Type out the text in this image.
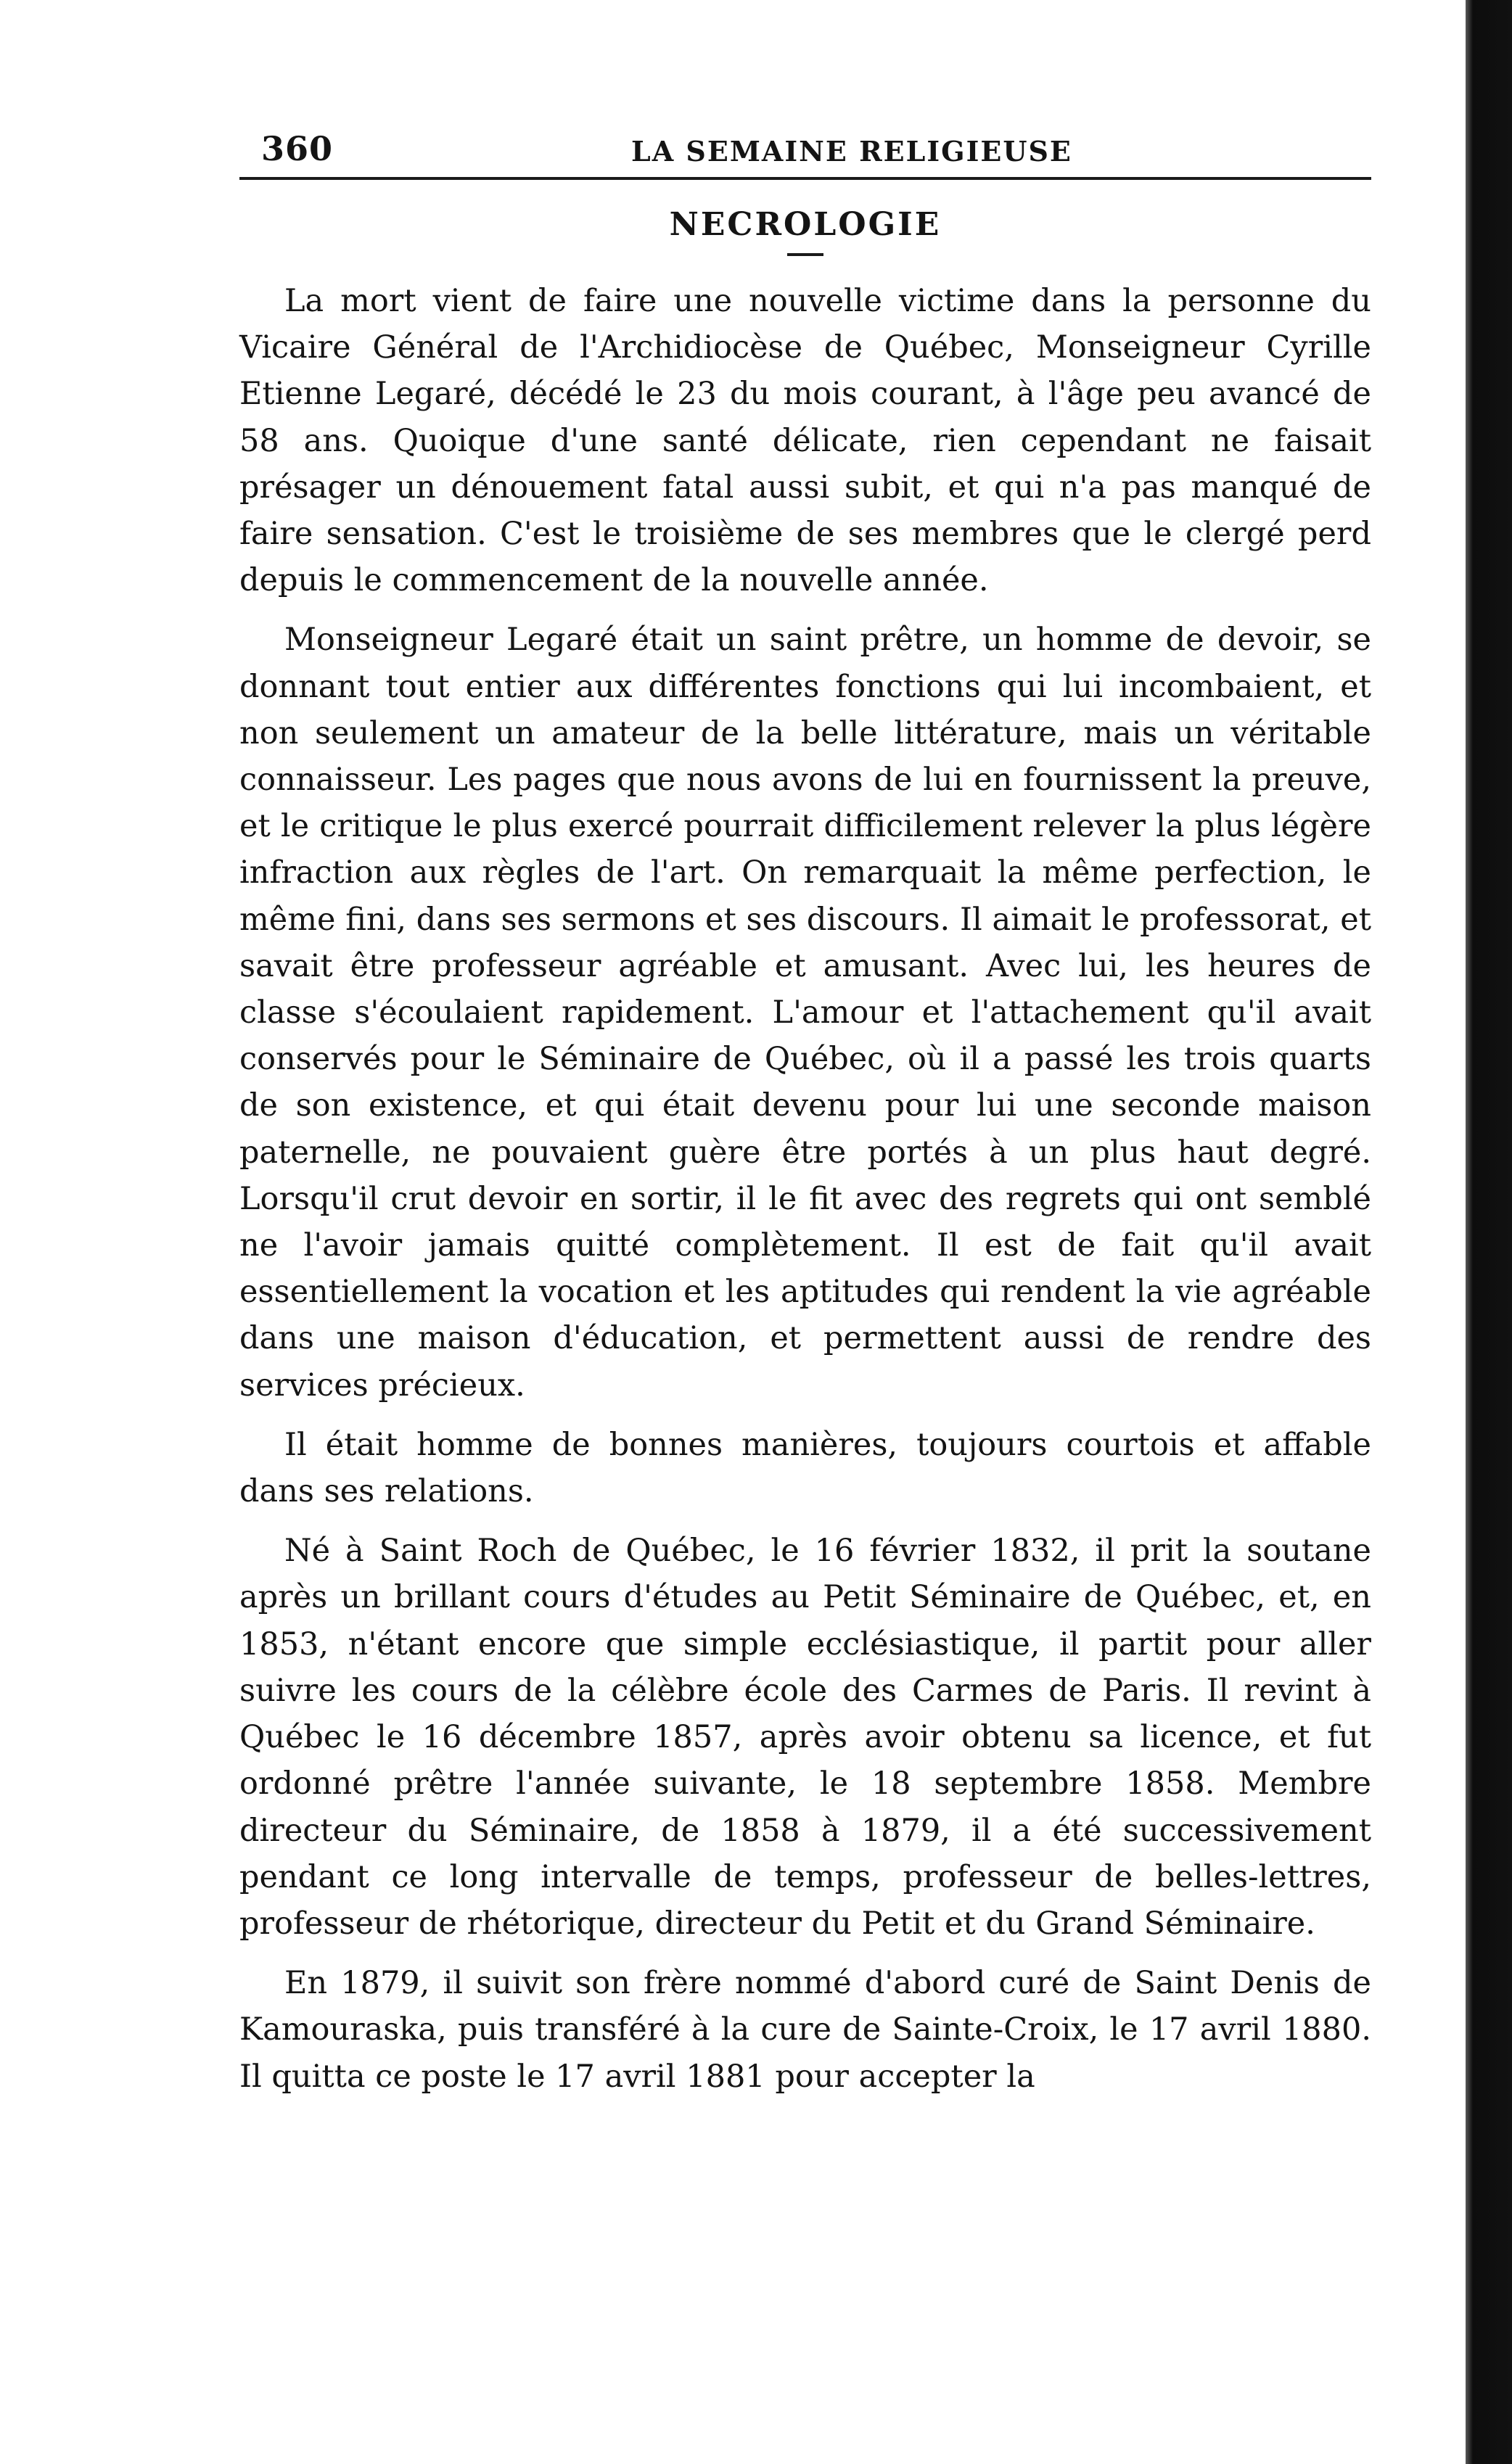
360	LA SEMAINE RELIGIEUSE
NECROLOGIE

La mort vient de faire une nouvelle victime dans la personne du Vicaire Général de l'Archidiocèse de Québec, Monseigneur Cyrille Etienne Legaré, décédé le 23 du mois courant, à l'âge peu avancé de 58 ans. Quoique d'une santé délicate, rien cependant ne faisait présager un dénouement fatal aussi subit, et qui n'a pas manqué de faire sensation. C'est le troisième de ses membres que le clergé perd depuis le commencement de la nouvelle année.

Monseigneur Legaré était un saint prêtre, un homme de devoir, se donnant tout entier aux différentes fonctions qui lui incombaient, et non seulement un amateur de la belle littérature, mais un véritable connaisseur. Les pages que nous avons de lui en fournissent la preuve, et le critique le plus exercé pourrait difficilement relever la plus légère infraction aux règles de l'art. On remarquait la même perfection, le même fini, dans ses sermons et ses discours. Il aimait le professorat, et savait être professeur agréable et amusant. Avec lui, les heures de classe s'écoulaient rapidement. L'amour et l'attachement qu'il avait conservés pour le Séminaire de Québec, où il a passé les trois quarts de son existence, et qui était devenu pour lui une seconde maison paternelle, ne pouvaient guère être portés à un plus haut degré. Lorsqu'il crut devoir en sortir, il le fit avec des regrets qui ont semblé ne l'avoir jamais quitté complètement. Il est de fait qu'il avait essentiellement la vocation et les aptitudes qui rendent la vie agréable dans une maison d'éducation, et permettent aussi de rendre des services précieux.

Il était homme de bonnes manières, toujours courtois et affable dans ses relations.

Né à Saint Roch de Québec, le 16 février 1832, il prit la soutane après un brillant cours d'études au Petit Séminaire de Québec, et, en 1853, n'étant encore que simple ecclésiastique, il partit pour aller suivre les cours de la célèbre école des Carmes de Paris. Il revint à Québec le 16 décembre 1857, après avoir obtenu sa licence, et fut ordonné prêtre l'année suivante, le 18 septembre 1858. Membre directeur du Séminaire, de 1858 à 1879, il a été successivement pendant ce long intervalle de temps, professeur de belles-lettres, professeur de rhétorique, directeur du Petit et du Grand Séminaire.

En 1879, il suivit son frère nommé d'abord curé de Saint Denis de Kamouraska, puis transféré à la cure de Sainte-Croix, le 17 avril 1880. Il quitta ce poste le 17 avril 1881 pour accepter la
